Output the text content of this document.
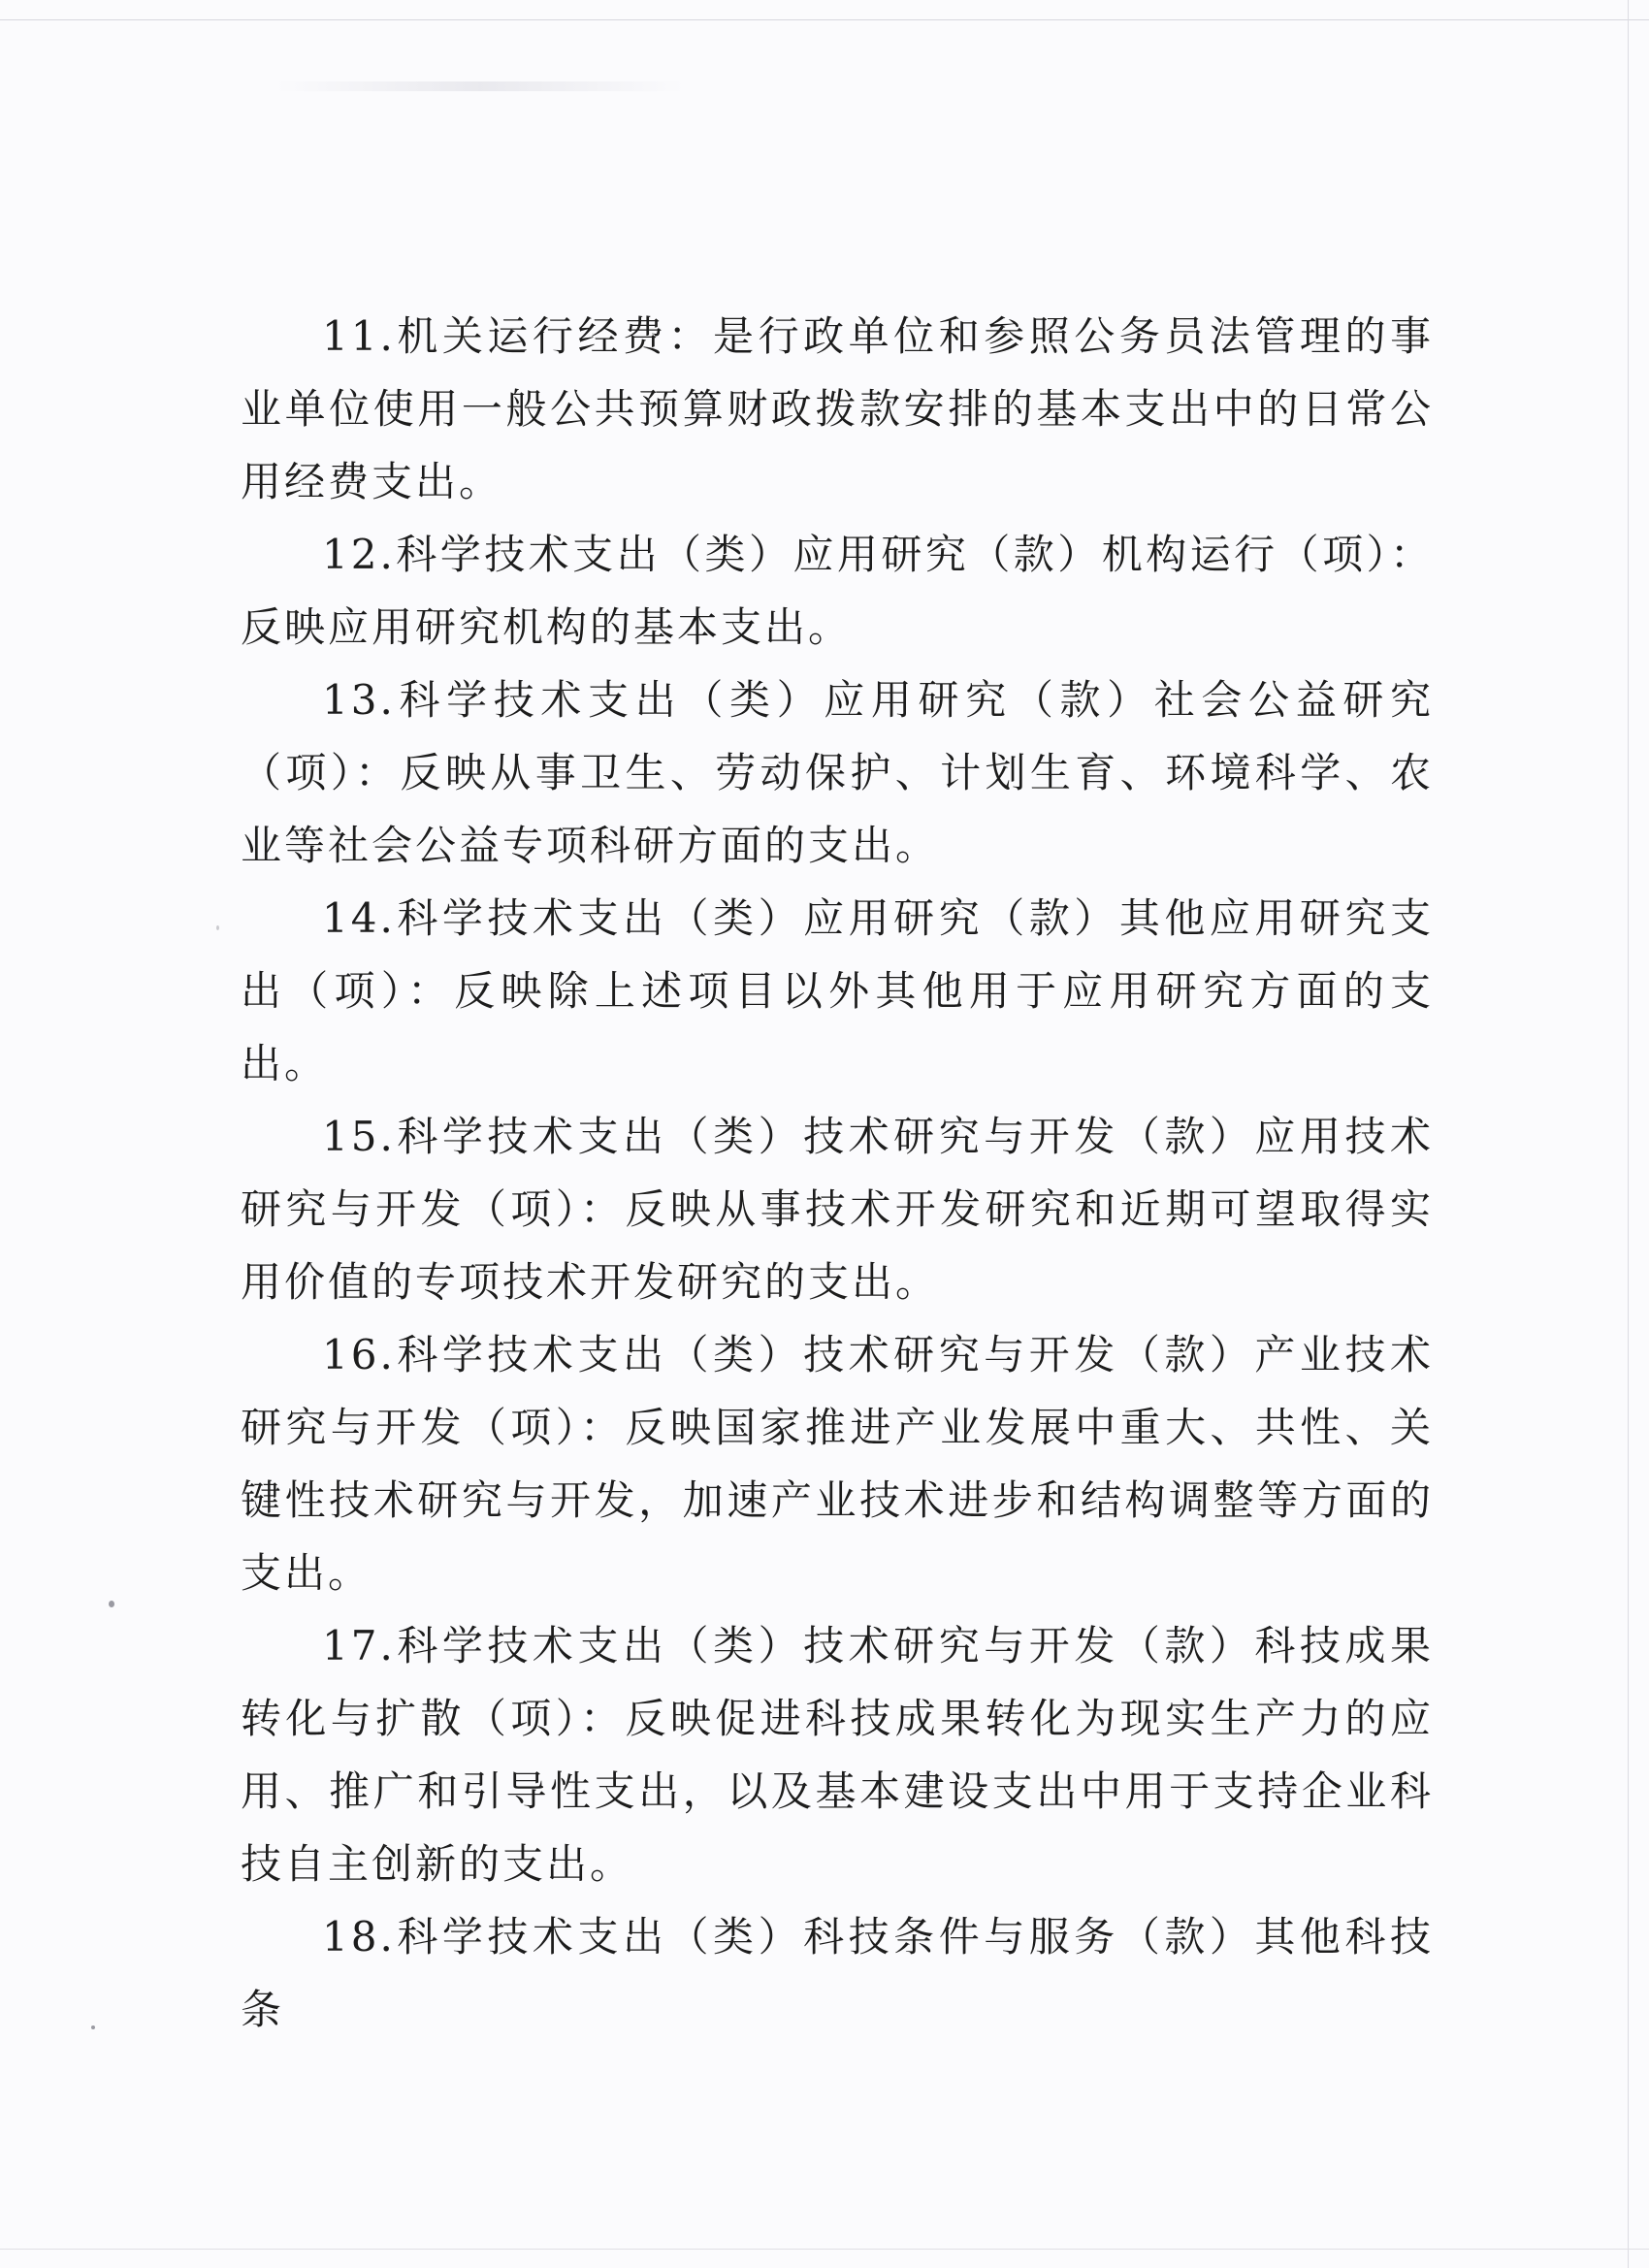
11.机关运行经费：是行政单位和参照公务员法管理的事业单位使用一般公共预算财政拨款安排的基本支出中的日常公用经费支出。

12.科学技术支出（类）应用研究（款）机构运行（项）：反映应用研究机构的基本支出。

13.科学技术支出（类）应用研究（款）社会公益研究（项）：反映从事卫生、劳动保护、计划生育、环境科学、农业等社会公益专项科研方面的支出。

14.科学技术支出（类）应用研究（款）其他应用研究支出（项）：反映除上述项目以外其他用于应用研究方面的支出。

15.科学技术支出（类）技术研究与开发（款）应用技术研究与开发（项）：反映从事技术开发研究和近期可望取得实用价值的专项技术开发研究的支出。

16.科学技术支出（类）技术研究与开发（款）产业技术研究与开发（项）：反映国家推进产业发展中重大、共性、关键性技术研究与开发，加速产业技术进步和结构调整等方面的支出。

17.科学技术支出（类）技术研究与开发（款）科技成果转化与扩散（项）：反映促进科技成果转化为现实生产力的应用、推广和引导性支出，以及基本建设支出中用于支持企业科技自主创新的支出。

18.科学技术支出（类）科技条件与服务（款）其他科技条
